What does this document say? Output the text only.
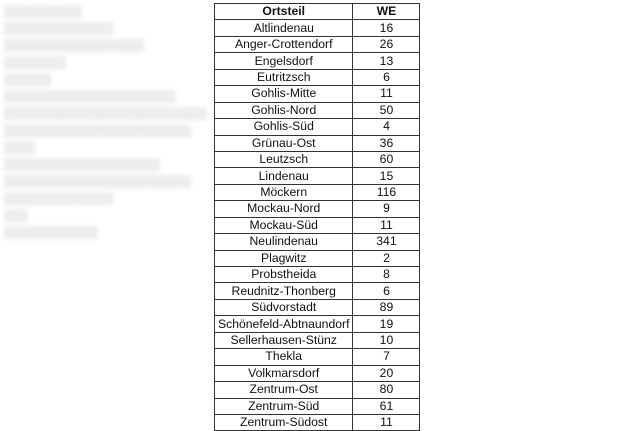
██████████
██████████████
██████████████████
████████
██████
██████████████████████
██████████████████████████
████████████████████████
████
████████████████████
████████████████████████
██████████████
███
████████████
Ortsteil	WE
Altlindenau	16
Anger-Crottendorf	26
Engelsdorf	13
Eutritzsch	6
Gohlis-Mitte	11
Gohlis-Nord	50
Gohlis-Süd	4
Grünau-Ost	36
Leutzsch	60
Lindenau	15
Möckern	116
Mockau-Nord	9
Mockau-Süd	11
Neulindenau	341
Plagwitz	2
Probstheida	8
Reudnitz-Thonberg	6
Südvorstadt	89
Schönefeld-Abtnaundorf	19
Sellerhausen-Stünz	10
Thekla	7
Volkmarsdorf	20
Zentrum-Ost	80
Zentrum-Süd	61
Zentrum-Südost	11
